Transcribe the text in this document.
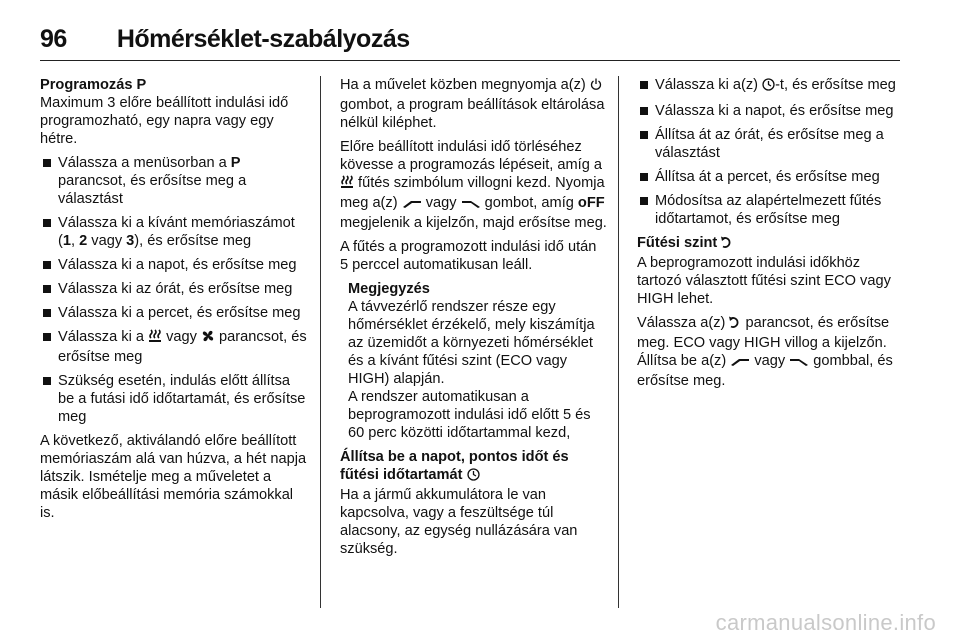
96 Hőmérséklet-szabályozás
Programozás P

Maximum 3 előre beállított indulási idő programozható, egy napra vagy egy hétre.

Válassza a menüsorban a P parancsot, és erősítse meg a választást
Válassza ki a kívánt memóriaszámot (1, 2 vagy 3), és erősítse meg
Válassza ki a napot, és erősítse meg
Válassza ki az órát, és erősítse meg
Válassza ki a percet, és erősítse meg
Válassza ki a  vagy  parancsot, és erősítse meg
Szükség esetén, indulás előtt állítsa be a futási idő időtartamát, és erősítse meg

A következő, aktiválandó előre beállított memóriaszám alá van húzva, a hét napja látszik. Ismételje meg a műveletet a másik előbeállítási memória számokkal is.

Ha a művelet közben megnyomja a(z)  gombot, a program beállítások eltárolása nélkül kiléphet.

Előre beállított indulási idő törléséhez kövesse a programozás lépéseit, amíg a  fűtés szimbólum villogni kezd. Nyomja meg a(z)  vagy  gombot, amíg oFF megjelenik a kijelzőn, majd erősítse meg.

A fűtés a programozott indulási idő után 5 perccel automatikusan leáll.

Megjegyzés
A távvezérlő rendszer része egy hőmérséklet érzékelő, mely kiszámítja az üzemidőt a környezeti hőmérséklet és a kívánt fűtési szint (ECO vagy HIGH) alapján.
A rendszer automatikusan a beprogramozott indulási idő előtt 5 és 60 perc közötti időtartammal kezd,
Állítsa be a napot, pontos időt és fűtési időtartamát

Ha a jármű akkumulátora le van kapcsolva, vagy a feszültsége túl alacsony, az egység nullázására van szükség.

Válassza ki a(z) -t, és erősítse meg
Válassza ki a napot, és erősítse meg
Állítsa át az órát, és erősítse meg a választást
Állítsa át a percet, és erősítse meg
Módosítsa az alapértelmezett fűtés időtartamot, és erősítse meg
Fűtési szint

A beprogramozott indulási időkhöz tartozó választott fűtési szint ECO vagy HIGH lehet.

Válassza a(z)  parancsot, és erősítse meg. ECO vagy HIGH villog a kijelzőn. Állítsa be a(z)  vagy  gombbal, és erősítse meg.

carmanualsonline.info
